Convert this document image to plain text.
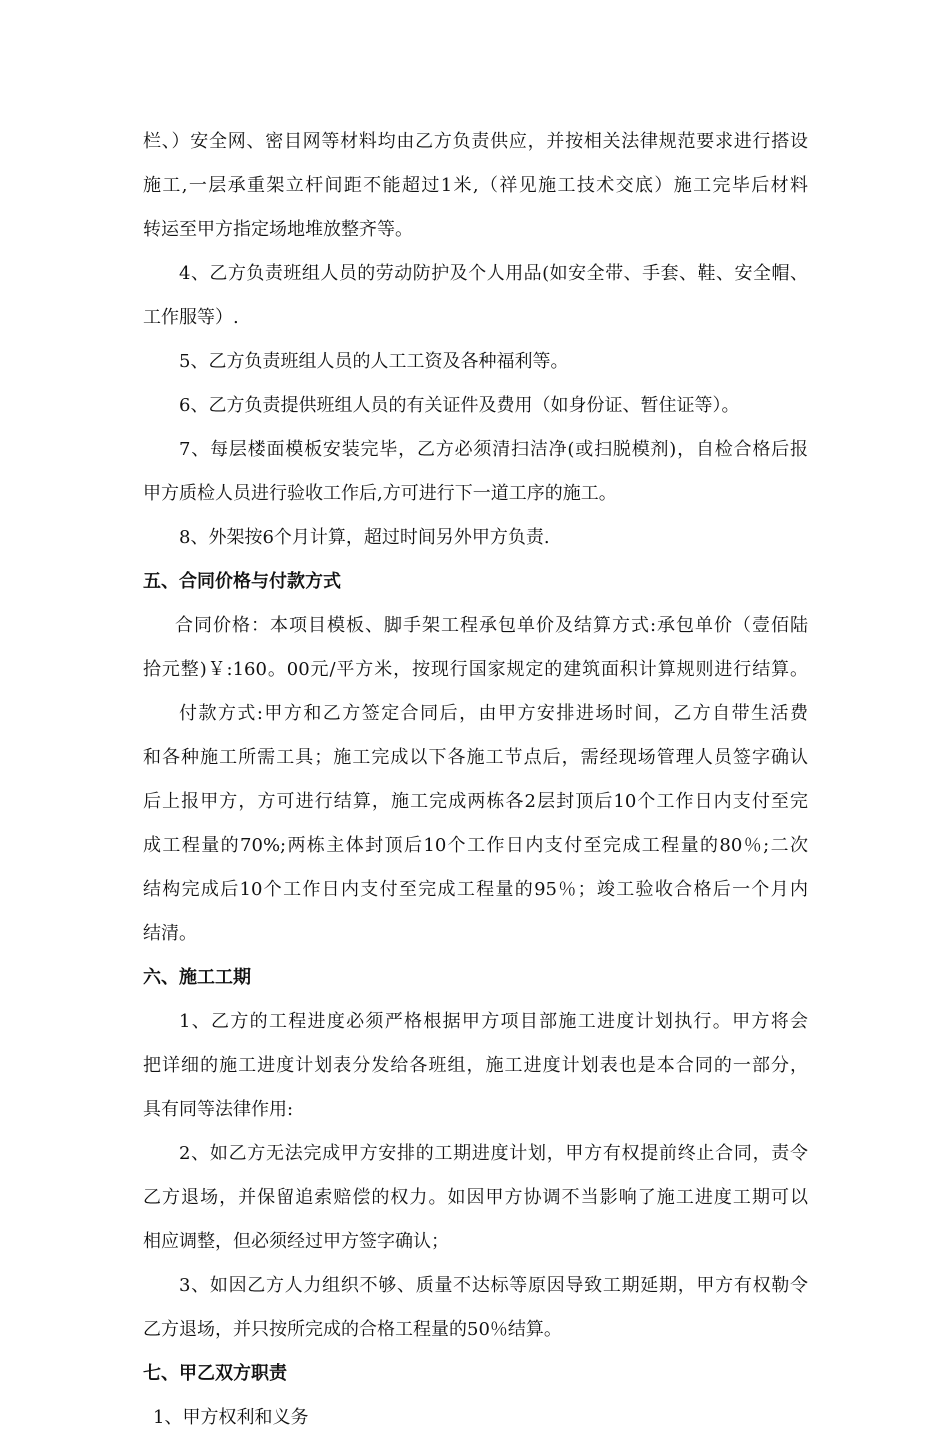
栏、）安全网、密目网等材料均由乙方负责供应，并按相关法律规范要求进行搭设
施工,一层承重架立杆间距不能超过1米,（祥见施工技术交底）施工完毕后材料
转运至甲方指定场地堆放整齐等。
4、乙方负责班组人员的劳动防护及个人用品(如安全带、手套、鞋、安全帽、
工作服等）.
5、乙方负责班组人员的人工工资及各种福利等。
6、乙方负责提供班组人员的有关证件及费用（如身份证、暂住证等）。
7、每层楼面模板安装完毕，乙方必须清扫洁净(或扫脱模剂)，自检合格后报
甲方质检人员进行验收工作后,方可进行下一道工序的施工。
8、外架按6个月计算，超过时间另外甲方负责.
五、合同价格与付款方式
合同价格：本项目模板、脚手架工程承包单价及结算方式:承包单价（壹佰陆
拾元整)￥:160。00元/平方米，按现行国家规定的建筑面积计算规则进行结算。
付款方式:甲方和乙方签定合同后，由甲方安排进场时间，乙方自带生活费
和各种施工所需工具；施工完成以下各施工节点后，需经现场管理人员签字确认
后上报甲方，方可进行结算，施工完成两栋各2层封顶后10个工作日内支付至完
成工程量的70%;两栋主体封顶后10个工作日内支付至完成工程量的80％;二次
结构完成后10个工作日内支付至完成工程量的95％；竣工验收合格后一个月内
结清。
六、施工工期
1、乙方的工程进度必须严格根据甲方项目部施工进度计划执行。甲方将会
把详细的施工进度计划表分发给各班组，施工进度计划表也是本合同的一部分，
具有同等法律作用:
2、如乙方无法完成甲方安排的工期进度计划，甲方有权提前终止合同，责令
乙方退场，并保留追索赔偿的权力。如因甲方协调不当影响了施工进度工期可以
相应调整，但必须经过甲方签字确认；
3、如因乙方人力组织不够、质量不达标等原因导致工期延期，甲方有权勒令
乙方退场，并只按所完成的合格工程量的50％结算。
七、甲乙双方职责
1、甲方权利和义务
